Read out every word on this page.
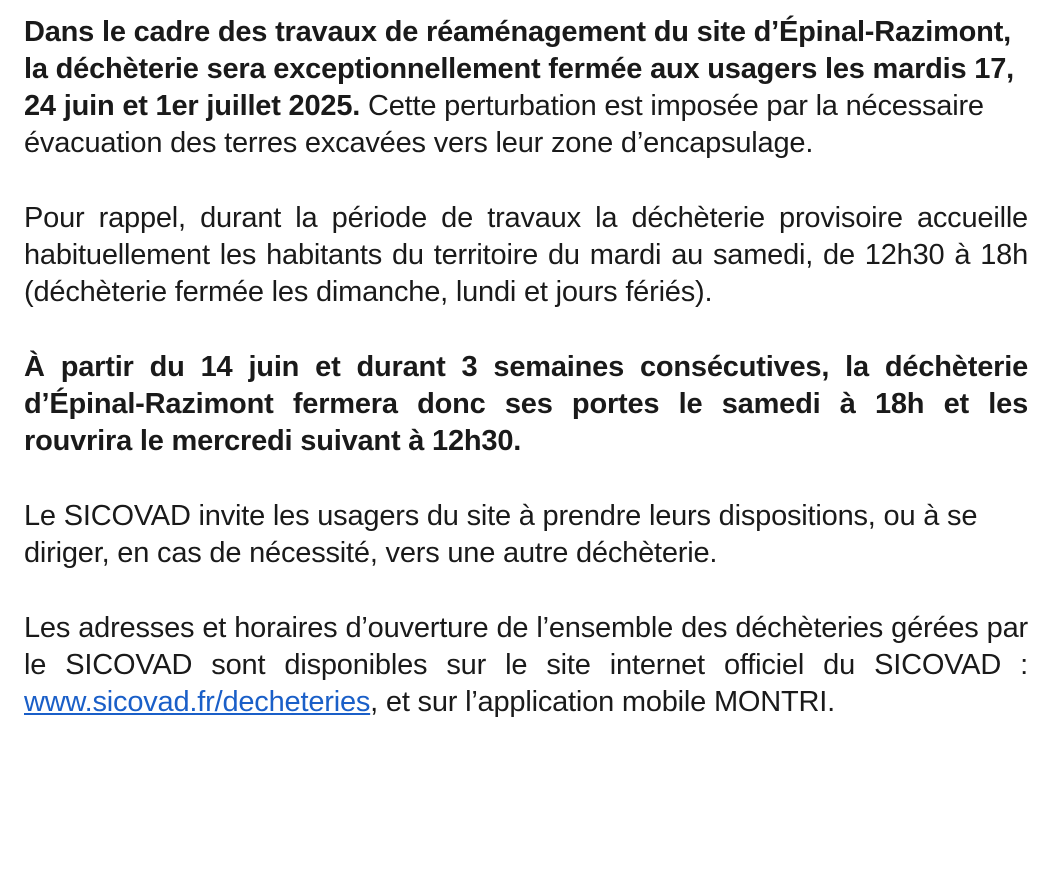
Dans le cadre des travaux de réaménagement du site d’Épinal-Razimont, la déchèterie sera exceptionnellement fermée aux usagers les mardis 17, 24 juin et 1er juillet 2025. Cette perturbation est imposée par la nécessaire évacuation des terres excavées vers leur zone d’encapsulage.

Pour rappel, durant la période de travaux la déchèterie provisoire accueille habituellement les habitants du territoire du mardi au samedi, de 12h30 à 18h (déchèterie fermée les dimanche, lundi et jours fériés).

À partir du 14 juin et durant 3 semaines consécutives, la déchèterie d’Épinal-Razimont fermera donc ses portes le samedi à 18h et les rouvrira le mercredi suivant à 12h30.

Le SICOVAD invite les usagers du site à prendre leurs dispositions, ou à se diriger, en cas de nécessité, vers une autre déchèterie.

Les adresses et horaires d’ouverture de l’ensemble des déchèteries gérées par le SICOVAD sont disponibles sur le site internet officiel du SICOVAD : www.sicovad.fr/decheteries, et sur l’application mobile MONTRI.
